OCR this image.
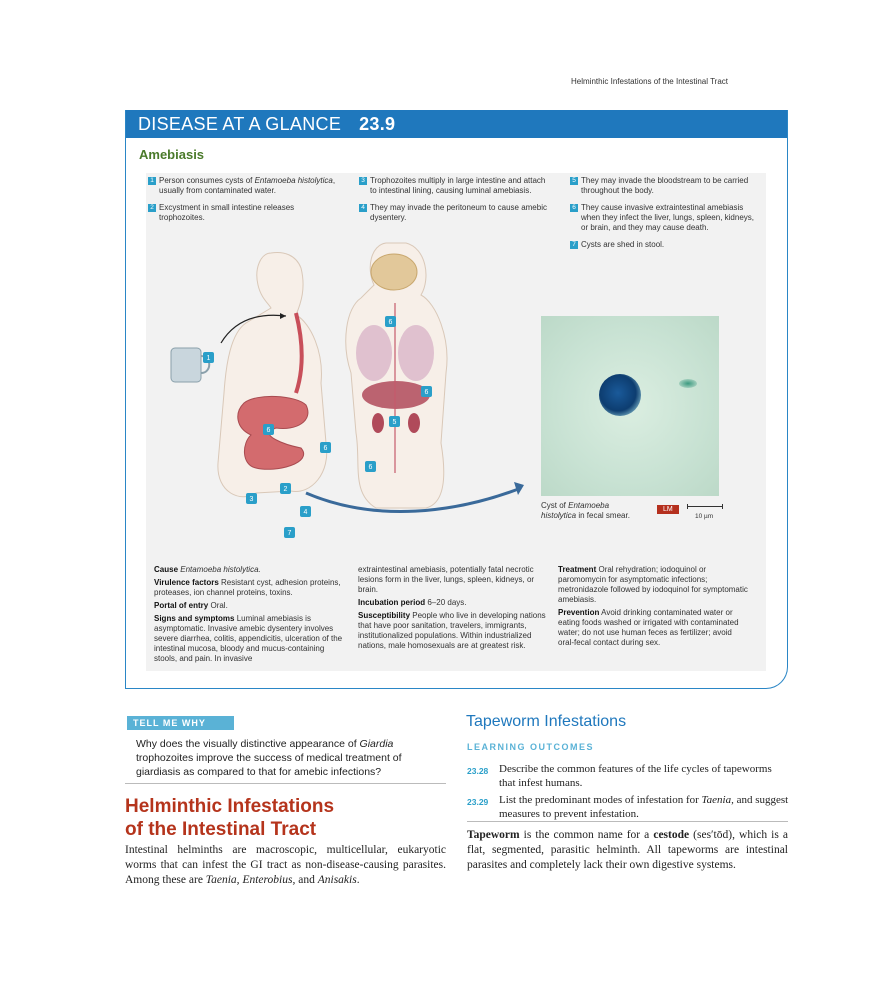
Helminthic Infestations of the Intestinal Tract
DISEASE AT A GLANCE 23.9
Amebiasis
1 Person consumes cysts of Entamoeba histolytica, usually from contaminated water.
2 Excystment in small intestine releases trophozoites.
3 Trophozoites multiply in large intestine and attach to intestinal lining, causing luminal amebiasis.
4 They may invade the peritoneum to cause amebic dysentery.
5 They may invade the bloodstream to be carried throughout the body.
6 They cause invasive extraintestinal amebiasis when they infect the liver, lungs, spleen, kidneys, or brain, and they may cause death.
7 Cysts are shed in stool.
1
2
3
4
5
6
6
6
6
6
7
Cyst of Entamoeba histolytica in fecal smear.
LM
10 µm

Cause Entamoeba histolytica.

Virulence factors Resistant cyst, adhesion proteins, proteases, ion channel proteins, toxins.

Portal of entry Oral.

Signs and symptoms Luminal amebiasis is asymptomatic. Invasive amebic dysentery involves severe diarrhea, colitis, appendicitis, ulceration of the intestinal mucosa, bloody and mucus-containing stools, and pain. In invasive

extraintestinal amebiasis, potentially fatal necrotic lesions form in the liver, lungs, spleen, kidneys, or brain.

Incubation period 6–20 days.

Susceptibility People who live in developing nations that have poor sanitation, travelers, immigrants, institutionalized populations. Within industrialized nations, male homosexuals are at greatest risk.

Treatment Oral rehydration; iodoquinol or paromomycin for asymptomatic infections; metronidazole followed by iodoquinol for symptomatic amebiasis.

Prevention Avoid drinking contaminated water or eating foods washed or irrigated with contaminated water; do not use human feces as fertilizer; avoid oral-fecal contact during sex.

TELL ME WHY
Why does the visually distinctive appearance of Giardia trophozoites improve the success of medical treatment of giardiasis as compared to that for amebic infections?
Helminthic Infestations
of the Intestinal Tract
Intestinal helminths are macroscopic, multicellular, eukaryotic worms that can infest the GI tract as non-disease-causing parasites. Among these are Taenia, Enterobius, and Anisakis.
Tapeworm Infestations
LEARNING OUTCOMES
23.28 Describe the common features of the life cycles of tapeworms that infest humans.
23.29 List the predominant modes of infestation for Taenia, and suggest measures to prevent infestation.
Tapeworm is the common name for a cestode (ses′tōd), which is a flat, segmented, parasitic helminth. All tapeworms are intestinal parasites and completely lack their own digestive systems.
